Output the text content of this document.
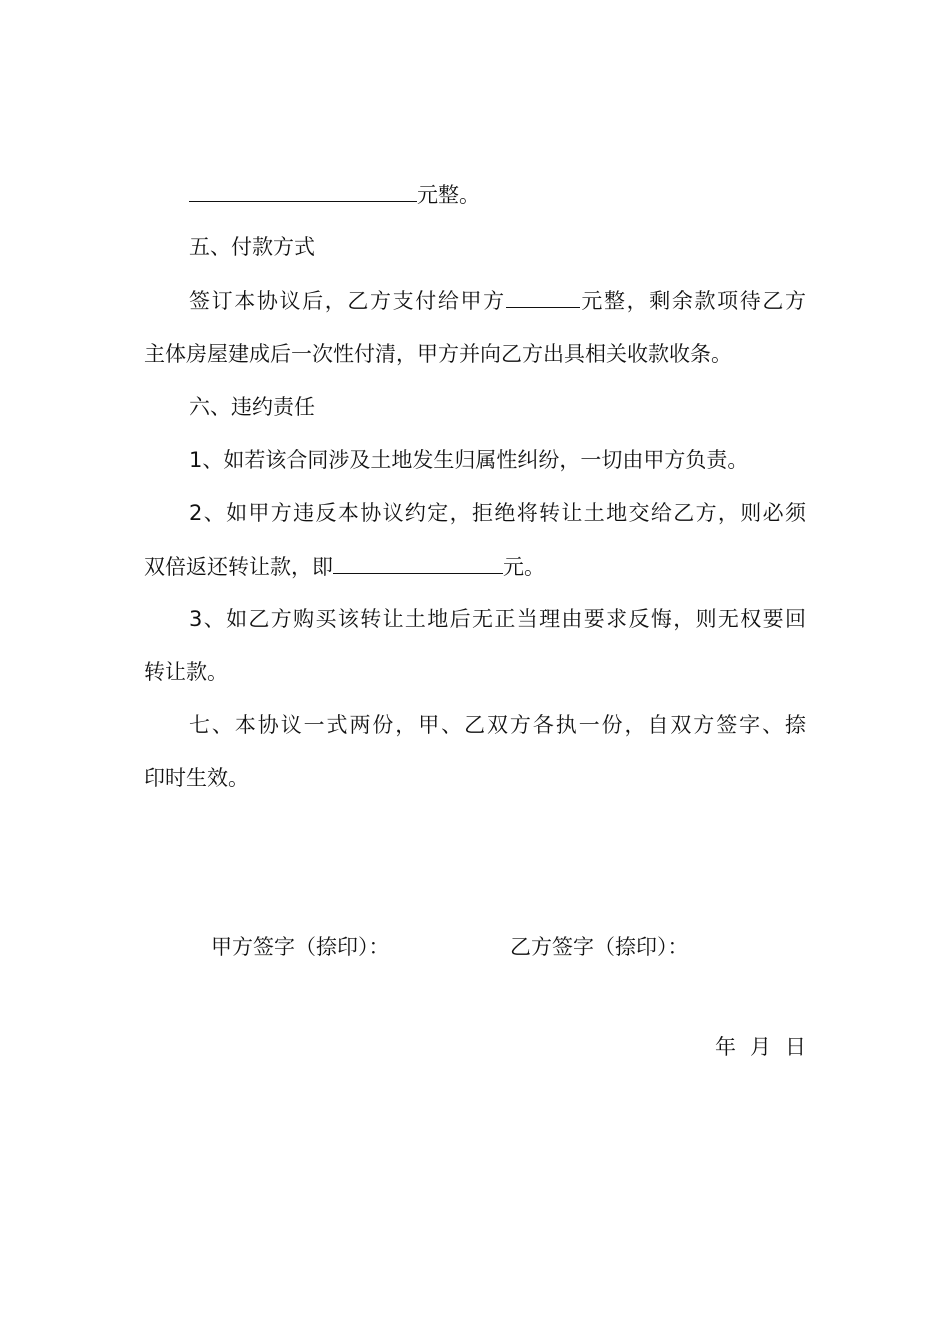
元整。
五、付款方式
签订本协议后，乙方支付给甲方	元整，剩余款项待乙方
主体房屋建成后一次性付清，甲方并向乙方出具相关收款收条。
六、违约责任
1、如若该合同涉及土地发生归属性纠纷，一切由甲方负责。
2、如甲方违反本协议约定，拒绝将转让土地交给乙方，则必须
双倍返还转让款，即	元。
3、如乙方购买该转让土地后无正当理由要求反悔，则无权要回
转让款。
七、本协议一式两份，甲、乙双方各执一份，自双方签字、捺
印时生效。
甲方签字（捺印）：	乙方签字（捺印）：
年 月 日
